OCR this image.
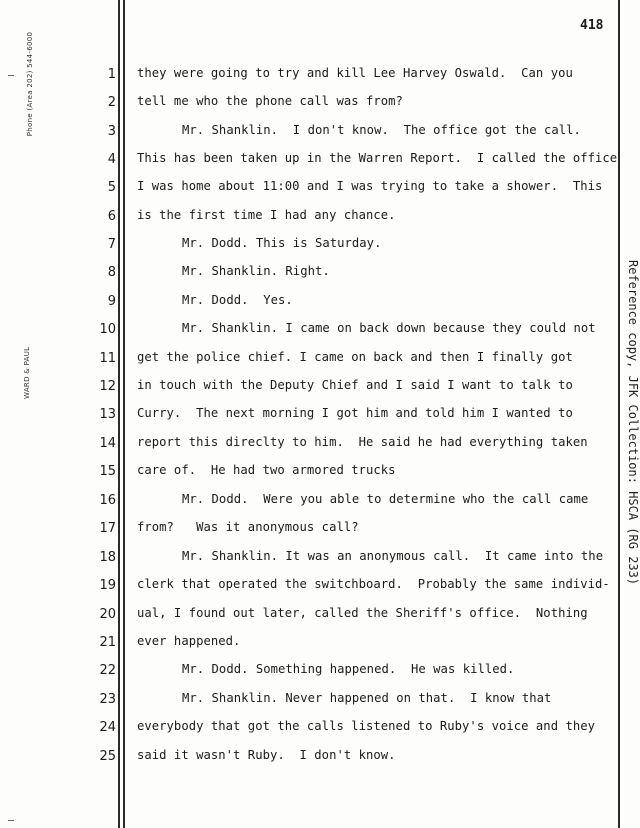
Phone (Area 202) 544-6000
WARD & PAUL	Reference copy, JFK Collection: HSCA (RG 233)
418
1 they were going to try and kill Lee Harvey Oswald.  Can you
2 tell me who the phone call was from?
3	Mr. Shanklin.  I don't know.  The office got the call.
4 This has been taken up in the Warren Report.  I called the office
5 I was home about 11:00 and I was trying to take a shower.  This
6 is the first time I had any chance.
7	Mr. Dodd. This is Saturday.
8	Mr. Shanklin. Right.
9	Mr. Dodd.  Yes.
10	Mr. Shanklin. I came on back down because they could not
11 get the police chief. I came on back and then I finally got
12 in touch with the Deputy Chief and I said I want to talk to
13 Curry.  The next morning I got him and told him I wanted to
14 report this direclty to him.  He said he had everything taken
15 care of.  He had two armored trucks
16	Mr. Dodd.  Were you able to determine who the call came
17 from?   Was it anonymous call?
18	Mr. Shanklin. It was an anonymous call.  It came into the
19 clerk that operated the switchboard.  Probably the same individ-
20 ual, I found out later, called the Sheriff's office.  Nothing
21 ever happened.
22	Mr. Dodd. Something happened.  He was killed.
23	Mr. Shanklin. Never happened on that.  I know that
24 everybody that got the calls listened to Ruby's voice and they
25 said it wasn't Ruby.  I don't know.
